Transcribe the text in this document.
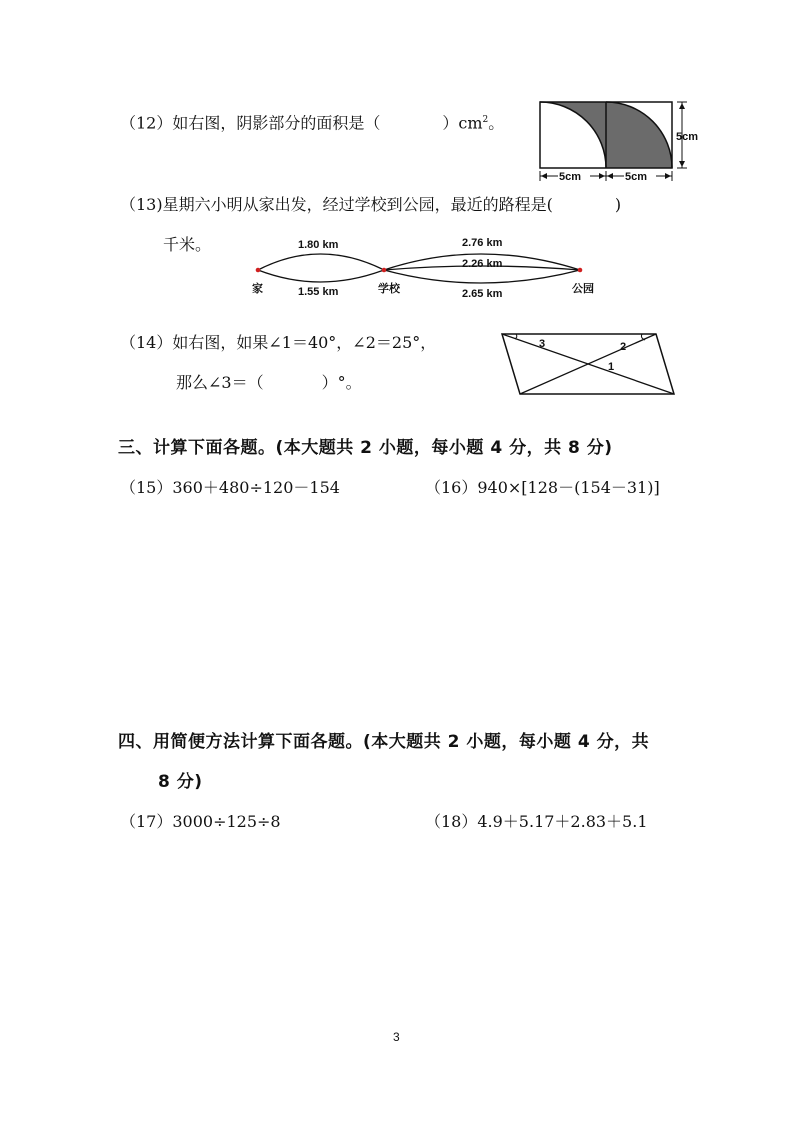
（12）如右图，阴影部分的面积是（	）$cm^2$。
5cm
5cm	5cm
（13)星期六小明从家出发，经过学校到公园，最近的路程是(	)
千米。	1.80 km
1.55 km
2.76 km
2.26 km
2.65 km
家	学校	公园
（14）如右图，如果∠1＝40°，∠2＝25°，
那么∠3＝（	）°。
3	2
1
三、计算下面各题。(本大题共 2 小题，每小题 4 分，共 8 分)
（15）360＋480÷120－154	（16）940×[128－(154－31)]
四、用简便方法计算下面各题。(本大题共 2 小题，每小题 4 分，共
8 分)
（17）3000÷125÷8	（18）4.9＋5.17＋2.83＋5.1
3
